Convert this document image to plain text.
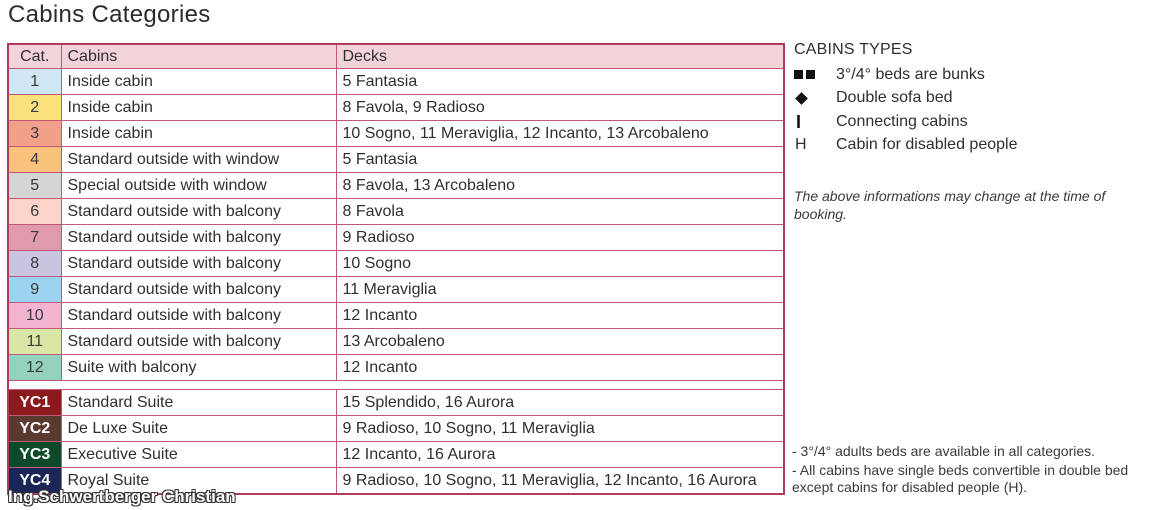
Cabins Categories
Cat.	Cabins	Decks
1	Inside cabin	5 Fantasia
2	Inside cabin	8 Favola, 9 Radioso
3	Inside cabin	10 Sogno, 11 Meraviglia, 12 Incanto, 13 Arcobaleno
4	Standard outside with window	5 Fantasia
5	Special outside with window	8 Favola, 13 Arcobaleno
6	Standard outside with balcony	8 Favola
7	Standard outside with balcony	9 Radioso
8	Standard outside with balcony	10 Sogno
9	Standard outside with balcony	11 Meraviglia
10	Standard outside with balcony	12 Incanto
11	Standard outside with balcony	13 Arcobaleno
12	Suite with balcony	12 Incanto

YC1	Standard Suite	15 Splendido, 16 Aurora
YC2	De Luxe Suite	9 Radioso, 10 Sogno, 11 Meraviglia
YC3	Executive Suite	12 Incanto, 16 Aurora
YC4	Royal Suite	9 Radioso, 10 Sogno, 11 Meraviglia, 12 Incanto, 16 Aurora
CABINS TYPES
3°/4° beds are bunks
Double sofa bed
I Connecting cabins
H Cabin for disabled people
The above informations may change at the time of booking.
- 3°/4° adults beds are available in all categories.
- All cabins have single beds convertible in double bed except cabins for disabled people (H).
Ing.Schwertberger Christian
